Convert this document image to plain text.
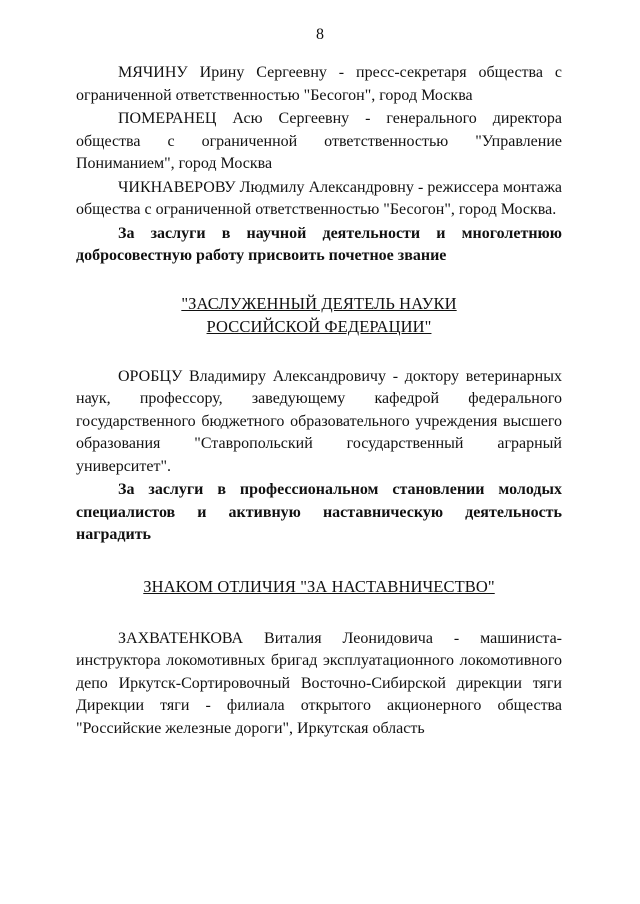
8

МЯЧИНУ Ирину Сергеевну - пресс-секретаря общества с ограниченной ответственностью "Бесогон", город Москва

ПОМЕРАНЕЦ Асю Сергеевну - генерального директора общества с ограниченной ответственностью "Управление Пониманием", город Москва

ЧИКНАВЕРОВУ Людмилу Александровну - режиссера монтажа общества с ограниченной ответственностью "Бесогон", город Москва.

За заслуги в научной деятельности и многолетнюю добросовестную работу присвоить почетное звание

"ЗАСЛУЖЕННЫЙ ДЕЯТЕЛЬ НАУКИ
РОССИЙСКОЙ ФЕДЕРАЦИИ"

ОРОБЦУ Владимиру Александровичу - доктору ветеринарных наук, профессору, заведующему кафедрой федерального государственного бюджетного образовательного учреждения высшего образования "Ставропольский государственный аграрный университет".

За заслуги в профессиональном становлении молодых специалистов и активную наставническую деятельность наградить

ЗНАКОМ ОТЛИЧИЯ "ЗА НАСТАВНИЧЕСТВО"

ЗАХВАТЕНКОВА Виталия Леонидовича - машиниста-инструктора локомотивных бригад эксплуатационного локомотивного депо Иркутск-Сортировочный Восточно-Сибирской дирекции тяги Дирекции тяги - филиала открытого акционерного общества "Российские железные дороги", Иркутская область
